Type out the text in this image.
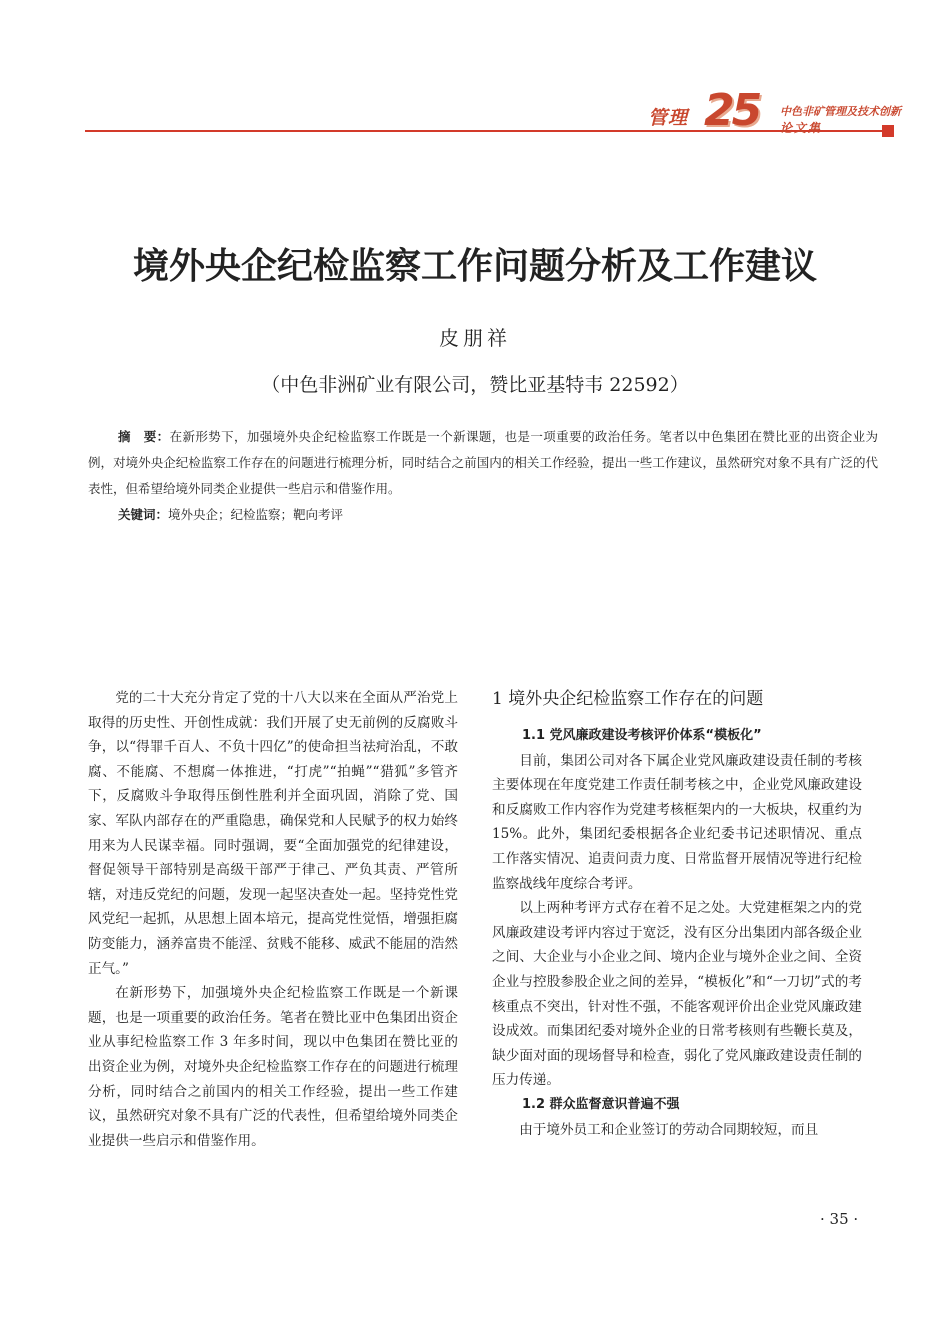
管理 25 中色非矿管理及技术创新
论文集
境外央企纪检监察工作问题分析及工作建议
皮朋祥
（中色非洲矿业有限公司，赞比亚基特韦 22592）
摘　要：在新形势下，加强境外央企纪检监察工作既是一个新课题，也是一项重要的政治任务。笔者以中色集团在赞比亚的出资企业为例，对境外央企纪检监察工作存在的问题进行梳理分析，同时结合之前国内的相关工作经验，提出一些工作建议，虽然研究对象不具有广泛的代表性，但希望给境外同类企业提供一些启示和借鉴作用。
关键词：境外央企；纪检监察；靶向考评

党的二十大充分肯定了党的十八大以来在全面从严治党上取得的历史性、开创性成就：我们开展了史无前例的反腐败斗争，以“得罪千百人、不负十四亿”的使命担当祛疴治乱，不敢腐、不能腐、不想腐一体推进，“打虎”“拍蝇”“猎狐”多管齐下，反腐败斗争取得压倒性胜利并全面巩固，消除了党、国家、军队内部存在的严重隐患，确保党和人民赋予的权力始终用来为人民谋幸福。同时强调，要“全面加强党的纪律建设，督促领导干部特别是高级干部严于律己、严负其责、严管所辖，对违反党纪的问题，发现一起坚决查处一起。坚持党性党风党纪一起抓，从思想上固本培元，提高党性觉悟，增强拒腐防变能力，涵养富贵不能淫、贫贱不能移、威武不能屈的浩然正气。”

在新形势下，加强境外央企纪检监察工作既是一个新课题，也是一项重要的政治任务。笔者在赞比亚中色集团出资企业从事纪检监察工作 3 年多时间，现以中色集团在赞比亚的出资企业为例，对境外央企纪检监察工作存在的问题进行梳理分析，同时结合之前国内的相关工作经验，提出一些工作建议，虽然研究对象不具有广泛的代表性，但希望给境外同类企业提供一些启示和借鉴作用。

1 境外央企纪检监察工作存在的问题
1.1 党风廉政建设考核评价体系“模板化”

目前，集团公司对各下属企业党风廉政建设责任制的考核主要体现在年度党建工作责任制考核之中，企业党风廉政建设和反腐败工作内容作为党建考核框架内的一大板块，权重约为 15%。此外，集团纪委根据各企业纪委书记述职情况、重点工作落实情况、追责问责力度、日常监督开展情况等进行纪检监察战线年度综合考评。

以上两种考评方式存在着不足之处。大党建框架之内的党风廉政建设考评内容过于宽泛，没有区分出集团内部各级企业之间、大企业与小企业之间、境内企业与境外企业之间、全资企业与控股参股企业之间的差异，“模板化”和“一刀切”式的考核重点不突出，针对性不强，不能客观评价出企业党风廉政建设成效。而集团纪委对境外企业的日常考核则有些鞭长莫及，缺少面对面的现场督导和检查，弱化了党风廉政建设责任制的压力传递。

1.2 群众监督意识普遍不强

由于境外员工和企业签订的劳动合同期较短，而且

· 35 ·
